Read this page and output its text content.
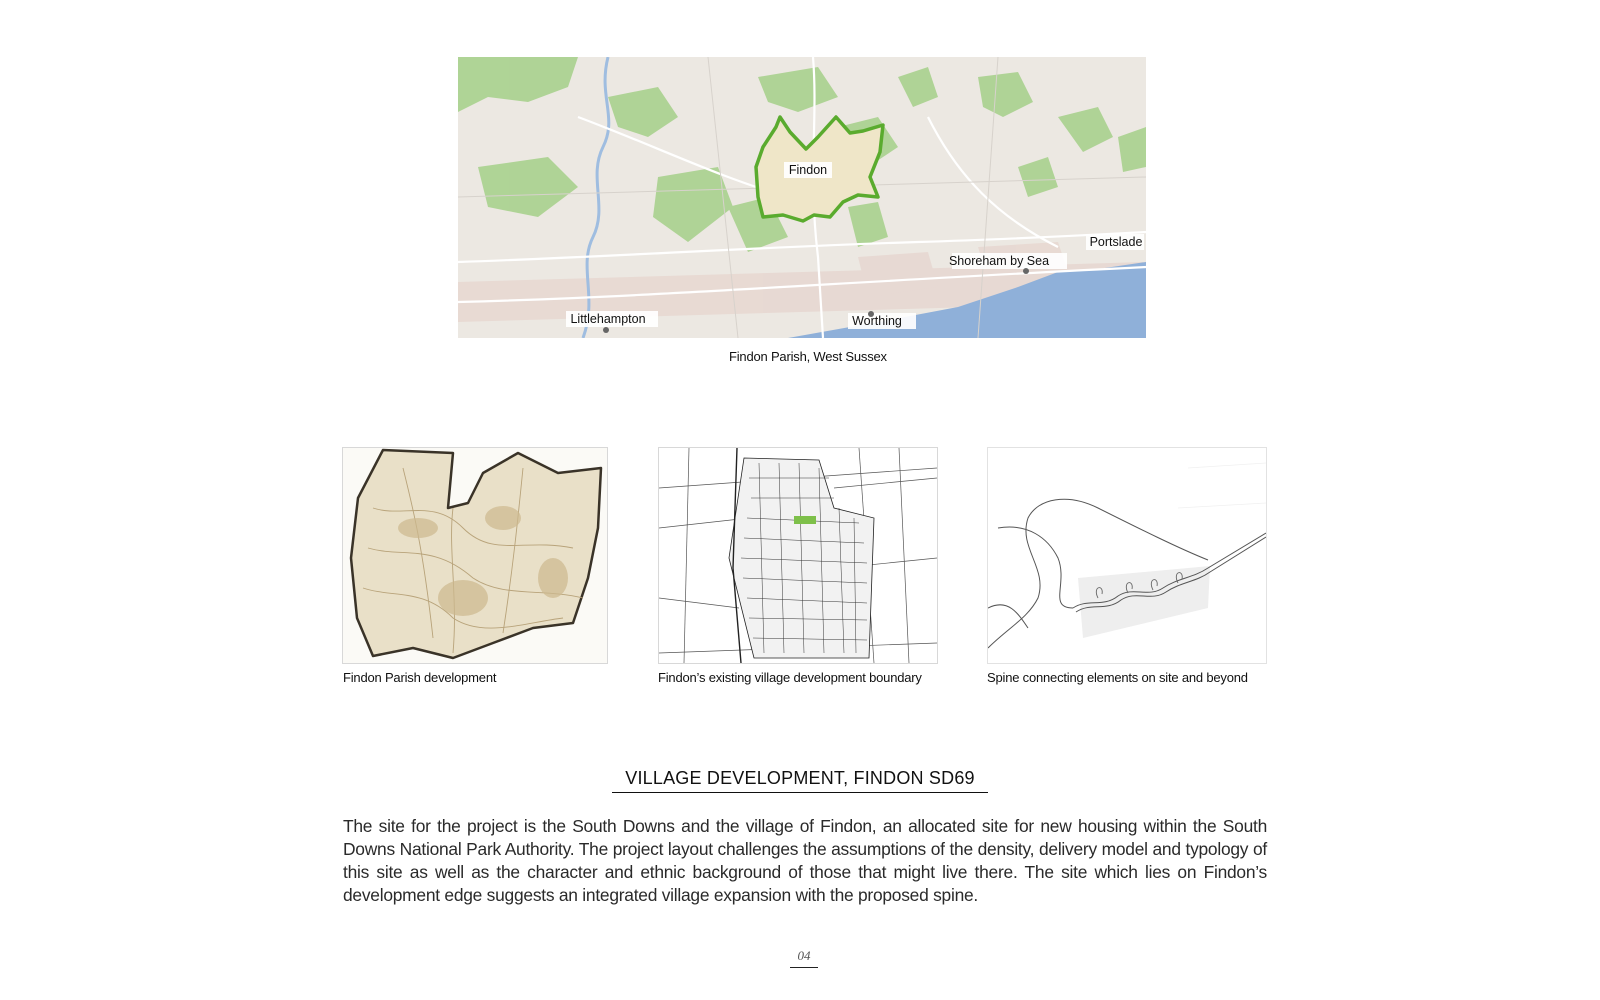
Findon
Portslade
Shoreham by Sea
Littlehampton	Worthing
Findon Parish, West Sussex
Findon Parish development	Findon’s existing village development boundary	Spine connecting elements on site and beyond
VILLAGE DEVELOPMENT, FINDON SD69
The site for the project is the South Downs and the village of Findon, an allocated site for new housing within the South Downs National Park Authority. The project layout challenges the assumptions of the density, delivery model and typology of this site as well as the character and ethnic background of those that might live there. The site which lies on Findon’s development edge suggests an integrated village expansion with the proposed spine.
04
